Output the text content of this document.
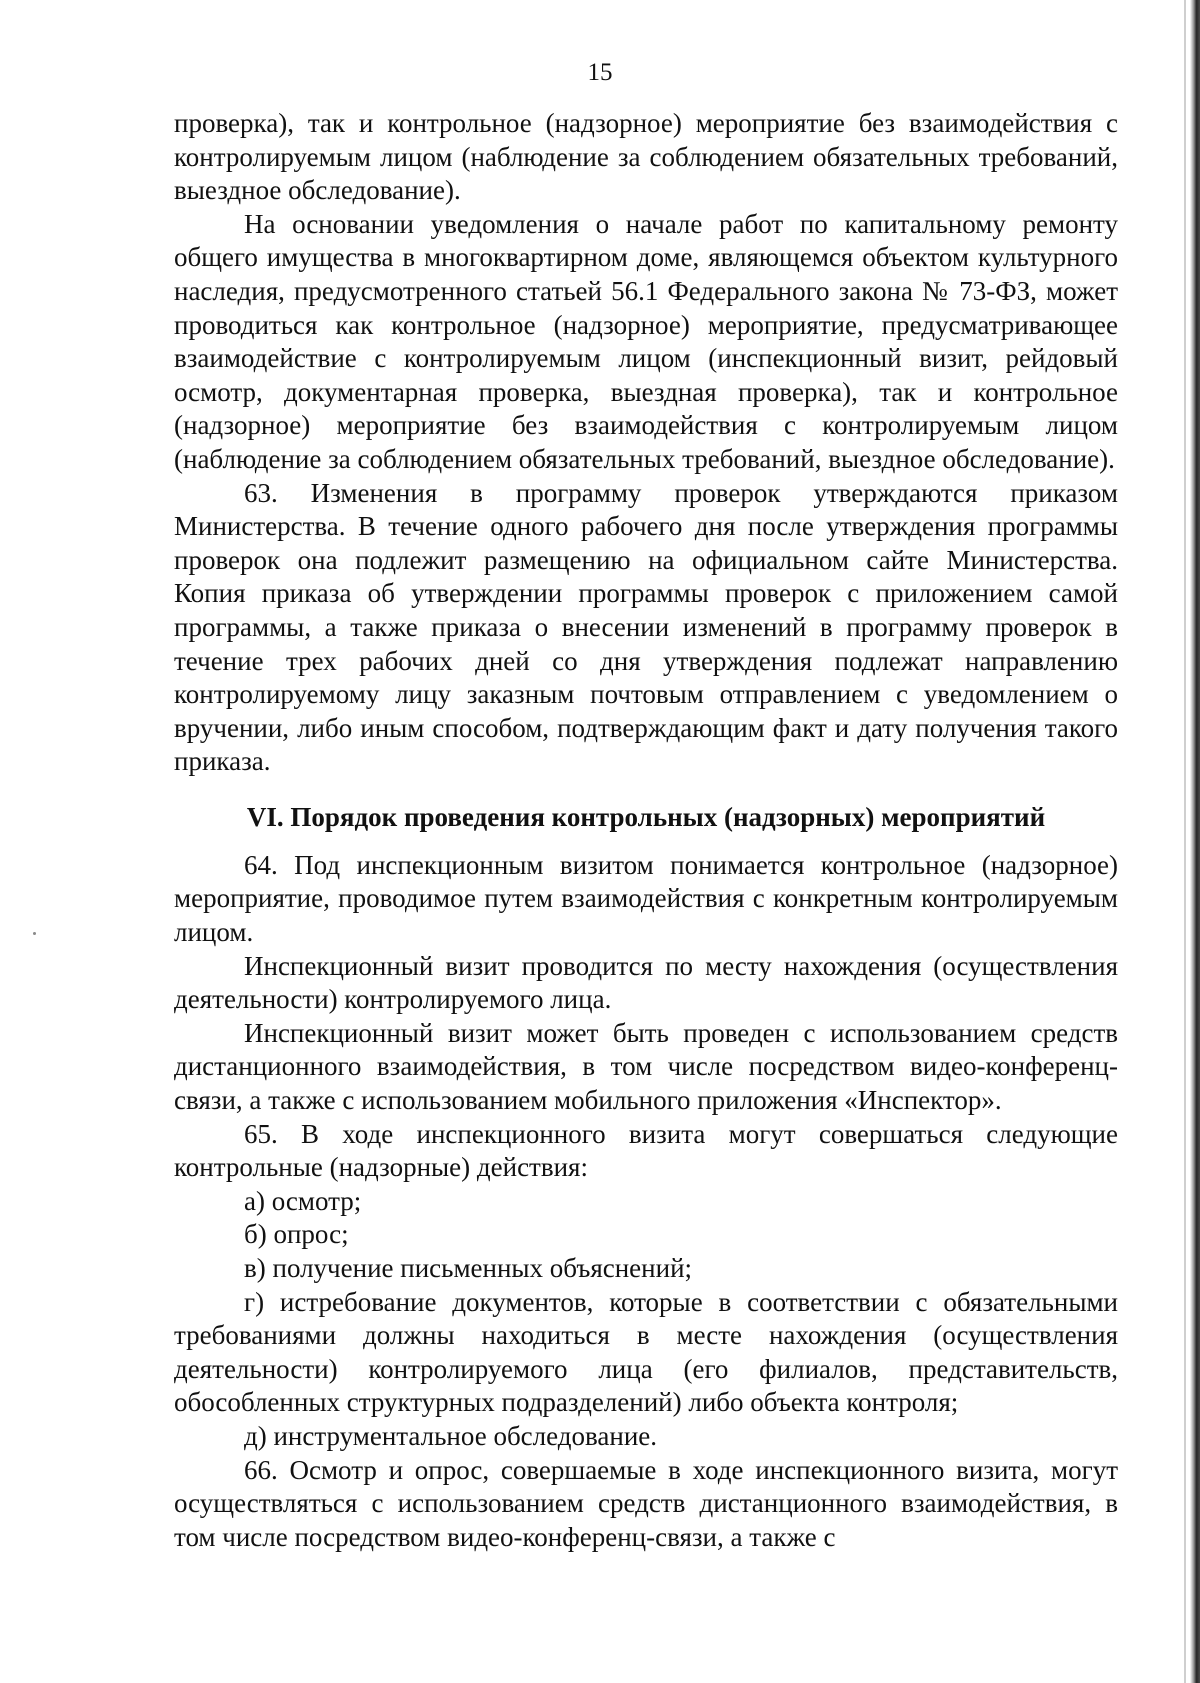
15

проверка), так и контрольное (надзорное) мероприятие без взаимодействия с контролируемым лицом (наблюдение за соблюдением обязательных требований, выездное обследование).

На основании уведомления о начале работ по капитальному ремонту общего имущества в многоквартирном доме, являющемся объектом культурного наследия, предусмотренного статьей 56.1 Федерального закона № 73-ФЗ, может проводиться как контрольное (надзорное) мероприятие, предусматривающее взаимодействие с контролируемым лицом (инспекционный визит, рейдовый осмотр, документарная проверка, выездная проверка), так и контрольное (надзорное) мероприятие без взаимодействия с контролируемым лицом (наблюдение за соблюдением обязательных требований, выездное обследование).

63. Изменения в программу проверок утверждаются приказом Министерства. В течение одного рабочего дня после утверждения программы проверок она подлежит размещению на официальном сайте Министерства. Копия приказа об утверждении программы проверок с приложением самой программы, а также приказа о внесении изменений в программу проверок в течение трех рабочих дней со дня утверждения подлежат направлению контролируемому лицу заказным почтовым отправлением с уведомлением о вручении, либо иным способом, подтверждающим факт и дату получения такого приказа.

VI. Порядок проведения контрольных (надзорных) мероприятий

64. Под инспекционным визитом понимается контрольное (надзорное) мероприятие, проводимое путем взаимодействия с конкретным контролируемым лицом.

Инспекционный визит проводится по месту нахождения (осуществления деятельности) контролируемого лица.

Инспекционный визит может быть проведен с использованием средств дистанционного взаимодействия, в том числе посредством видео-конференц-связи, а также с использованием мобильного приложения «Инспектор».

65. В ходе инспекционного визита могут совершаться следующие контрольные (надзорные) действия:

а) осмотр;

б) опрос;

в) получение письменных объяснений;

г) истребование документов, которые в соответствии с обязательными требованиями должны находиться в месте нахождения (осуществления деятельности) контролируемого лица (его филиалов, представительств, обособленных структурных подразделений) либо объекта контроля;

д) инструментальное обследование.

66. Осмотр и опрос, совершаемые в ходе инспекционного визита, могут осуществляться с использованием средств дистанционного взаимодействия, в том числе посредством видео-конференц-связи, а также с
